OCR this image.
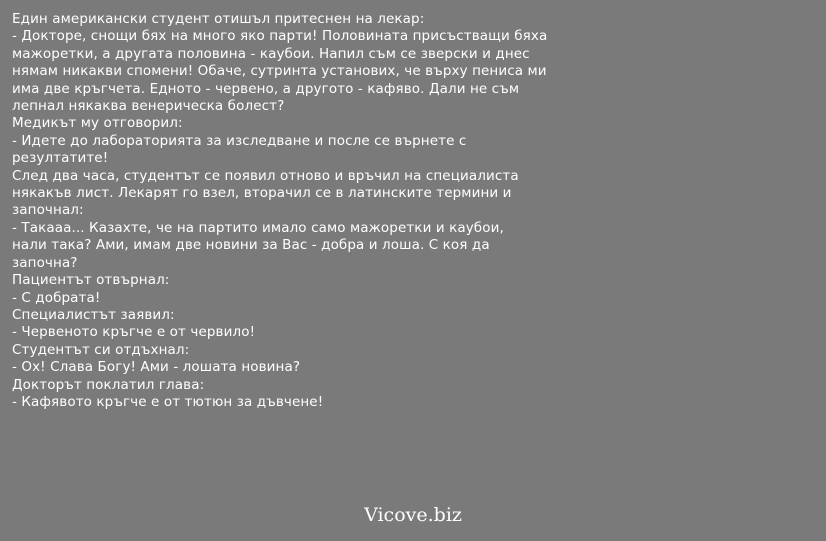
Един американски студент отишъл притеснен на лекар:
- Докторе, снощи бях на много яко парти! Половината присъстващи бяха
мажоретки, а другата половина - каубои. Напил съм се зверски и днес
нямам никакви спомени! Обаче, сутринта установих, че върху пениса ми
има две кръгчета. Едното - червено, а другото - кафяво. Дали не съм
лепнал някаква венерическа болест?
Медикът му отговорил:
- Идете до лабораторията за изследване и после се върнете с
резултатите!
След два часа, студентът се появил отново и връчил на специалиста
някакъв лист. Лекарят го взел, вторачил се в латинските термини и
започнал:
- Такааа... Казахте, че на партито имало само мажоретки и каубои,
нали така? Ами, имам две новини за Вас - добра и лоша. С коя да
започна?
Пациентът отвърнал:
- С добрата!
Специалистът заявил:
- Червеното кръгче е от червило!
Студентът си отдъхнал:
- Ох! Слава Богу! Ами - лошата новина?
Докторът поклатил глава:
- Кафявото кръгче е от тютюн за дъвчене!
Vicove.biz
